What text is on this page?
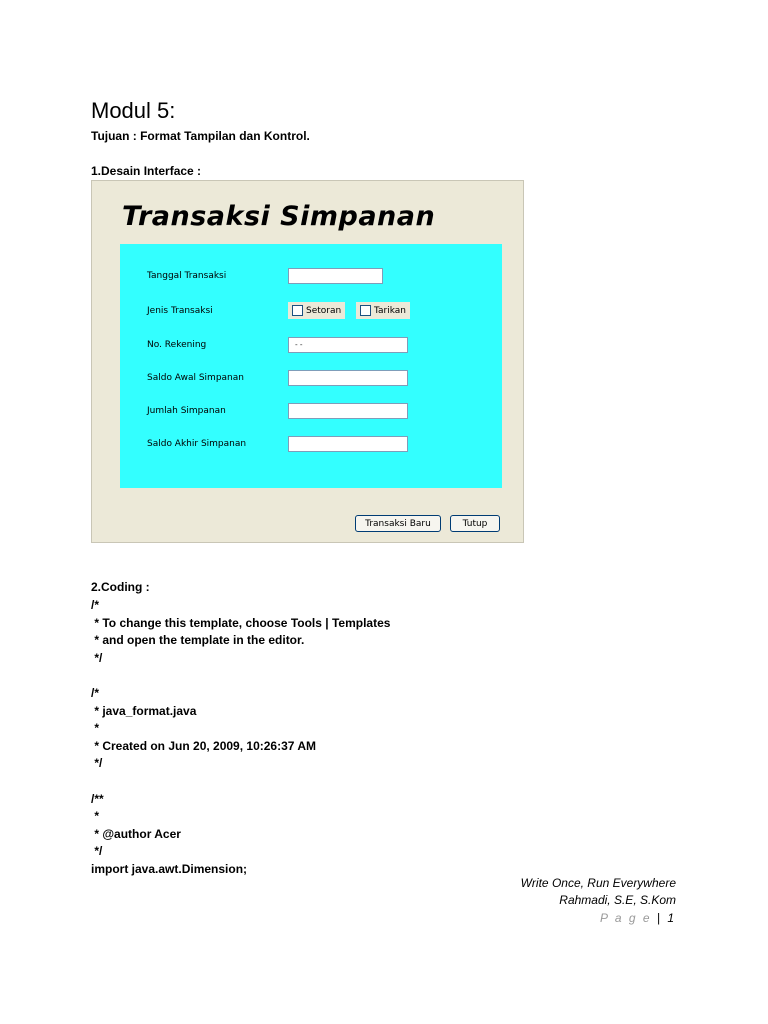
Modul 5:
Tujuan : Format Tampilan dan Kontrol.
1.Desain Interface :
Transaksi Simpanan
Tanggal Transaksi
Jenis Transaksi
No. Rekening
Saldo Awal Simpanan
Jumlah Simpanan
Saldo Akhir Simpanan
Setoran	Tarikan
- -
Transaksi Baru	Tutup
2.Coding :
/*
* To change this template, choose Tools | Templates
* and open the template in the editor.
*/

/*
* java_format.java
*
* Created on Jun 20, 2009, 10:26:37 AM
*/

/**
*
* @author Acer
*/
import java.awt.Dimension;
Write Once, Run Everywhere
Rahmadi, S.E, S.Kom
P a g e | 1
